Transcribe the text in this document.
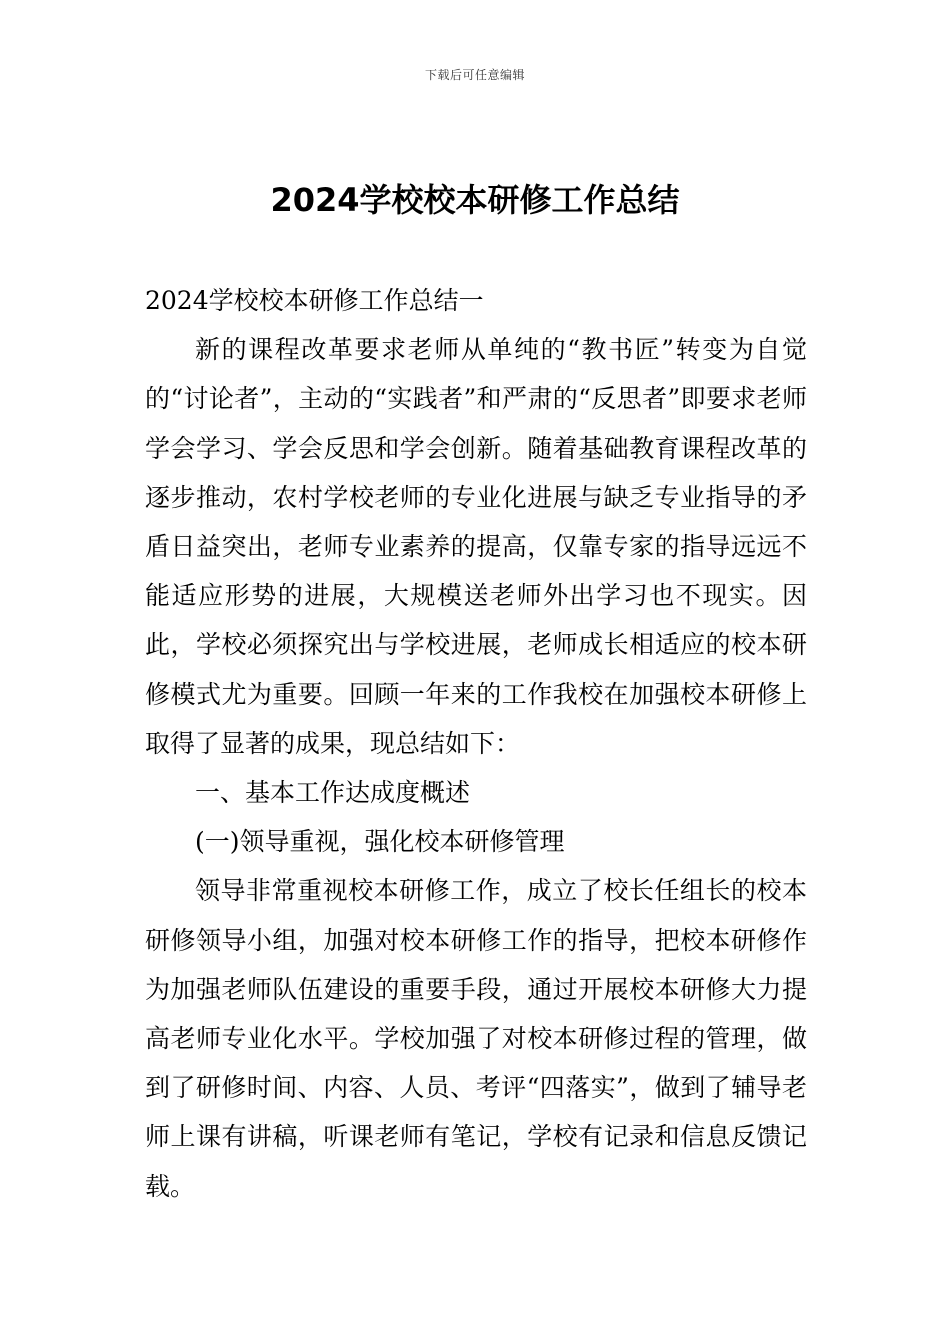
下载后可任意编辑
2024学校校本研修工作总结

2024学校校本研修工作总结一

新的课程改革要求老师从单纯的“教书匠”转变为自觉的“讨论者”，主动的“实践者”和严肃的“反思者”即要求老师学会学习、学会反思和学会创新。随着基础教育课程改革的逐步推动，农村学校老师的专业化进展与缺乏专业指导的矛盾日益突出，老师专业素养的提高，仅靠专家的指导远远不能适应形势的进展，大规模送老师外出学习也不现实。因此，学校必须探究出与学校进展，老师成长相适应的校本研修模式尤为重要。回顾一年来的工作我校在加强校本研修上取得了显著的成果，现总结如下：

一、基本工作达成度概述

(一)领导重视，强化校本研修管理

领导非常重视校本研修工作，成立了校长任组长的校本研修领导小组，加强对校本研修工作的指导，把校本研修作为加强老师队伍建设的重要手段，通过开展校本研修大力提高老师专业化水平。学校加强了对校本研修过程的管理，做到了研修时间、内容、人员、考评“四落实”，做到了辅导老师上课有讲稿，听课老师有笔记，学校有记录和信息反馈记载。
